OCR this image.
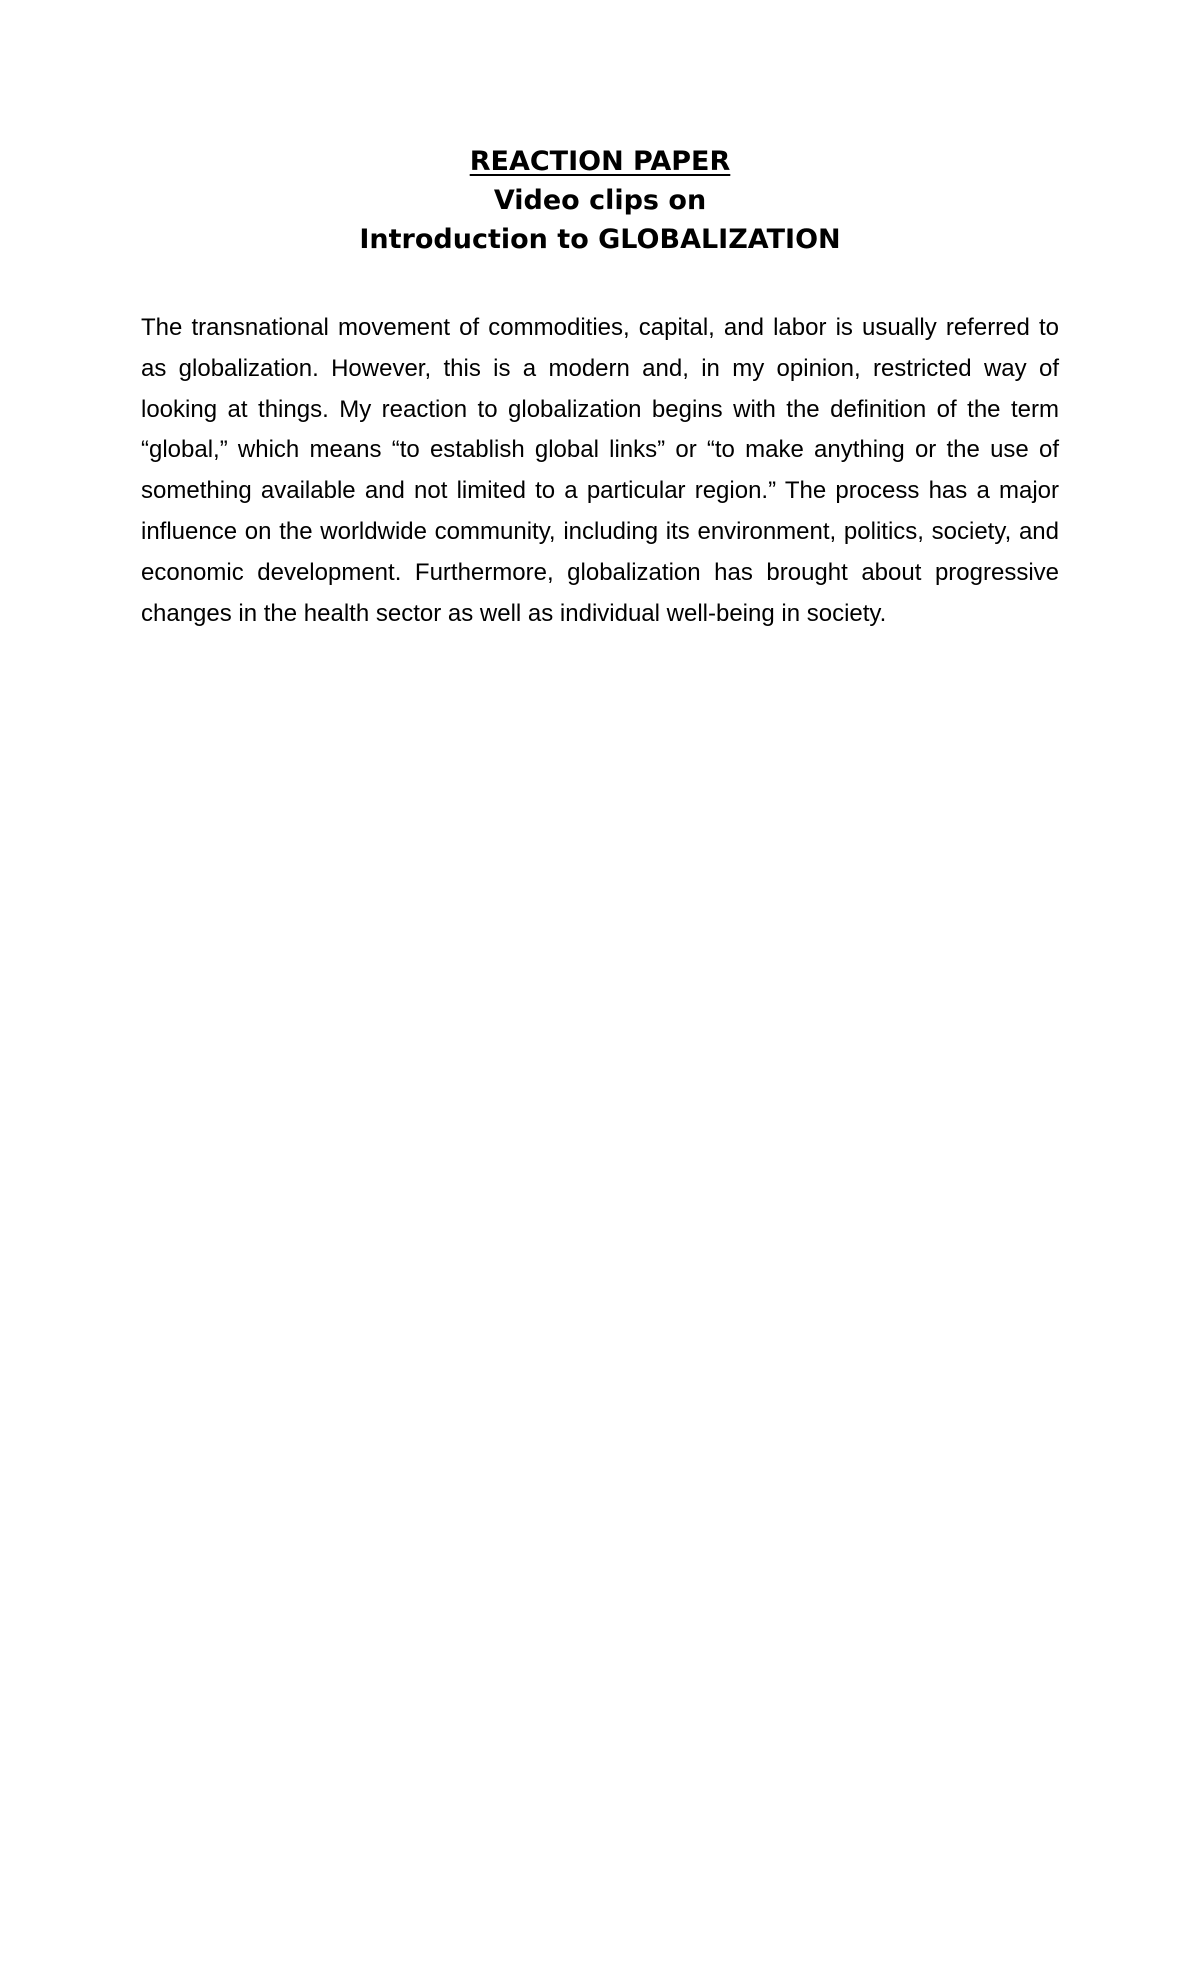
REACTION PAPER
Video clips on
Introduction to GLOBALIZATION

The transnational movement of commodities, capital, and labor is usually referred to as globalization. However, this is a modern and, in my opinion, restricted way of looking at things. My reaction to globalization begins with the definition of the term “global,” which means “to establish global links” or “to make anything or the use of something available and not limited to a particular region.” The process has a major influence on the worldwide community, including its environment, politics, society, and economic development. Furthermore, globalization has brought about progressive changes in the health sector as well as individual well-being in society.
